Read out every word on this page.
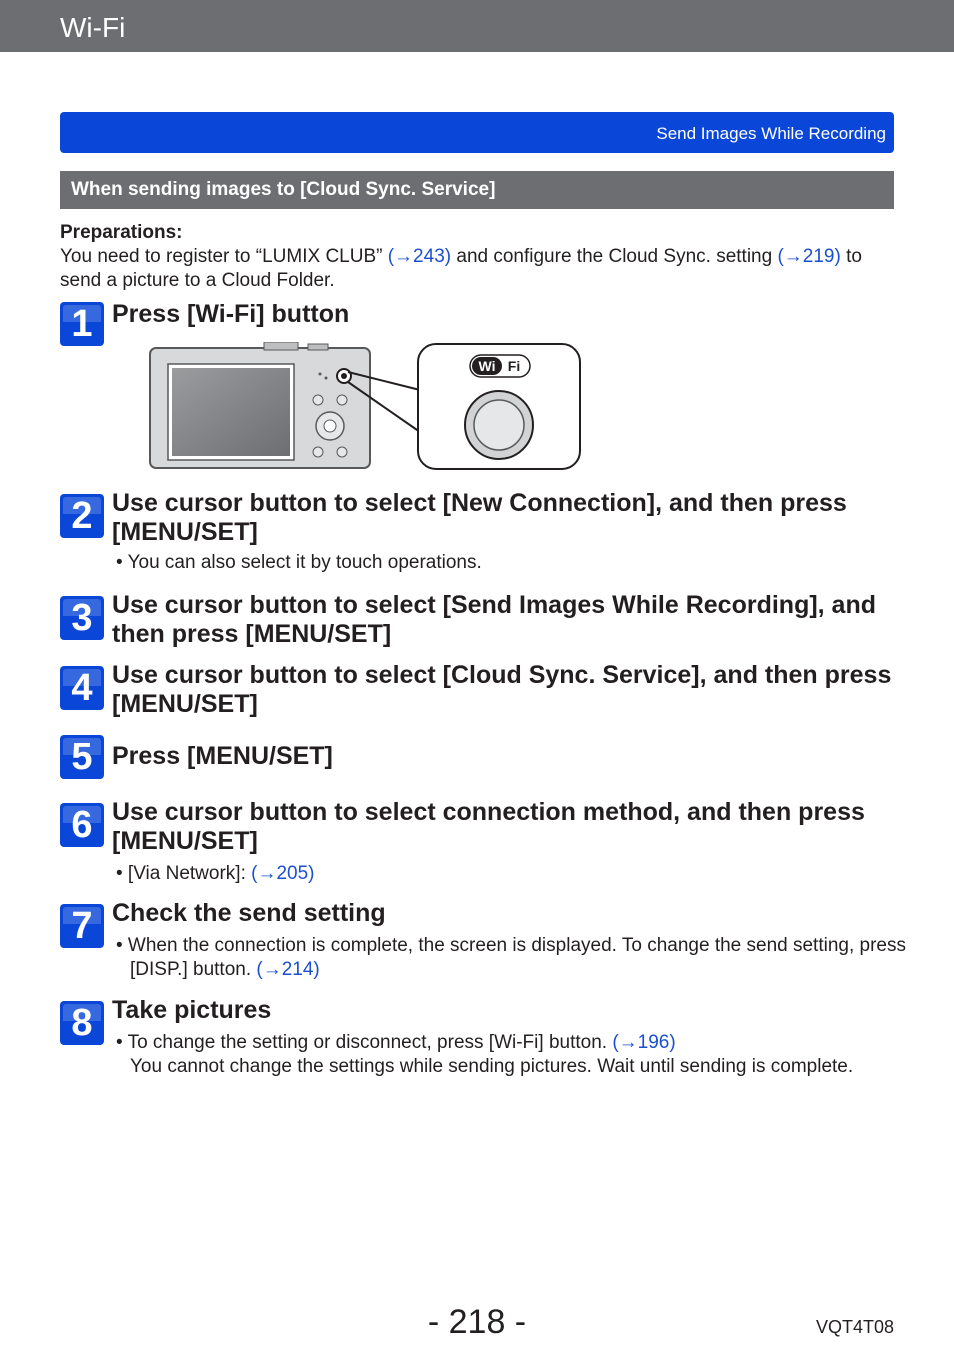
Wi-Fi
Send Images While Recording
When sending images to [Cloud Sync. Service]
Preparations:
You need to register to “LUMIX CLUB” (→243) and configure the Cloud Sync. setting (→219) to send a picture to a Cloud Folder.
1 Press [Wi-Fi] button
Wi Fi
2 Use cursor button to select [New Connection], and then press [MENU/SET]
• You can also select it by touch operations.
3 Use cursor button to select [Send Images While Recording], and then press [MENU/SET]
4 Use cursor button to select [Cloud Sync. Service], and then press [MENU/SET]
5 Press [MENU/SET]
6 Use cursor button to select connection method, and then press [MENU/SET]
• [Via Network]: (→205)
7 Check the send setting
• When the connection is complete, the screen is displayed. To change the send setting, press [DISP.] button. (→214)
8 Take pictures
• To change the setting or disconnect, press [Wi-Fi] button. (→196)
You cannot change the settings while sending pictures. Wait until sending is complete.
- 218 -	VQT4T08
